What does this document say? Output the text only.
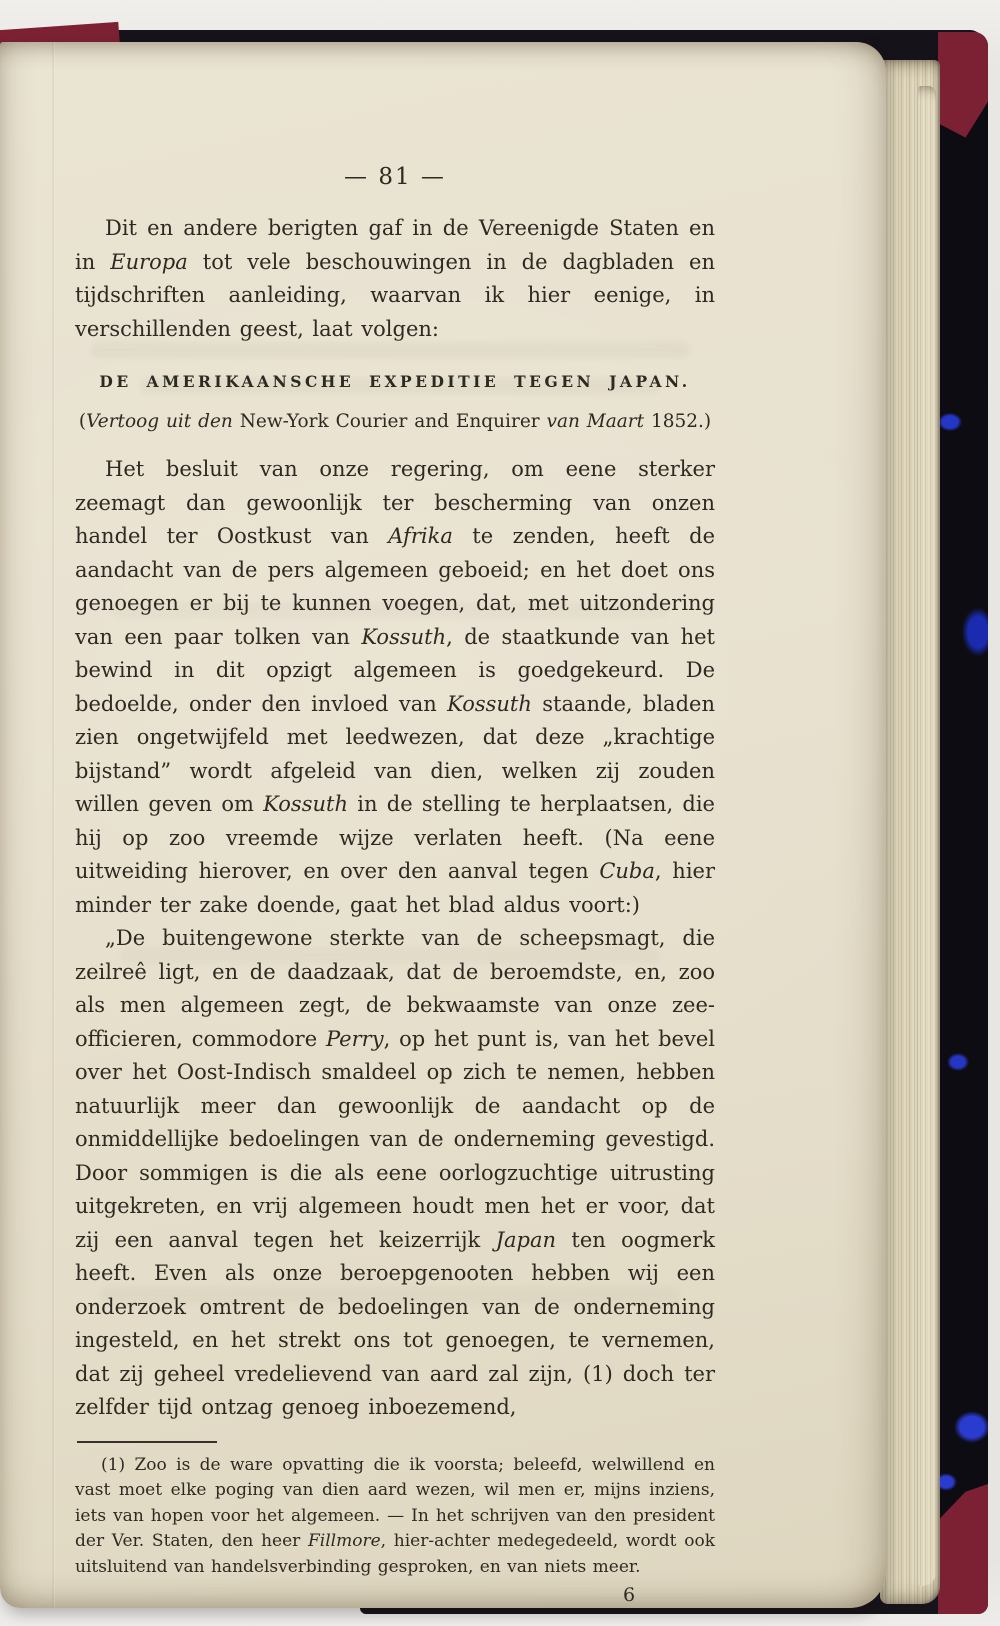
— 81 —

Dit en andere berigten gaf in de Vereenigde Staten en in Europa tot vele beschouwingen in de dagbladen en tijdschriften aanleiding, waarvan ik hier eenige, in verschillenden geest, laat volgen:

DE AMERIKAANSCHE EXPEDITIE TEGEN JAPAN.

(Vertoog uit den New-York Courier and Enquirer van Maart 1852.)

Het besluit van onze regering, om eene sterker zeemagt dan gewoonlijk ter bescherming van onzen handel ter Oostkust van Afrika te zenden, heeft de aandacht van de pers algemeen geboeid; en het doet ons genoegen er bij te kunnen voegen, dat, met uitzondering van een paar tolken van Kossuth, de staatkunde van het bewind in dit opzigt algemeen is goedgekeurd. De bedoelde, onder den invloed van Kossuth staande, bladen zien ongetwijfeld met leedwezen, dat deze „krachtige bijstand” wordt afgeleid van dien, welken zij zouden willen geven om Kossuth in de stelling te herplaatsen, die hij op zoo vreemde wijze verlaten heeft. (Na eene uitweiding hierover, en over den aanval tegen Cuba, hier minder ter zake doende, gaat het blad aldus voort:)

„De buitengewone sterkte van de scheepsmagt, die zeilreê ligt, en de daadzaak, dat de beroemdste, en, zoo als men algemeen zegt, de bekwaamste van onze zee-officieren, commodore Perry, op het punt is, van het bevel over het Oost-Indisch smaldeel op zich te nemen, hebben natuurlijk meer dan gewoonlijk de aandacht op de onmiddellijke bedoelingen van de onderneming gevestigd. Door sommigen is die als eene oorlogzuchtige uitrusting uitgekreten, en vrij algemeen houdt men het er voor, dat zij een aanval tegen het keizerrijk Japan ten oogmerk heeft. Even als onze beroepgenooten hebben wij een onderzoek omtrent de bedoelingen van de onderneming ingesteld, en het strekt ons tot genoegen, te vernemen, dat zij geheel vredelievend van aard zal zijn, (1) doch ter zelfder tijd ontzag genoeg inboezemend,

(1) Zoo is de ware opvatting die ik voorsta; beleefd, welwillend en vast moet elke poging van dien aard wezen, wil men er, mijns inziens, iets van hopen voor het algemeen. — In het schrijven van den president der Ver. Staten, den heer Fillmore, hier-achter medegedeeld, wordt ook uitsluitend van handelsverbinding gesproken, en van niets meer.

6
